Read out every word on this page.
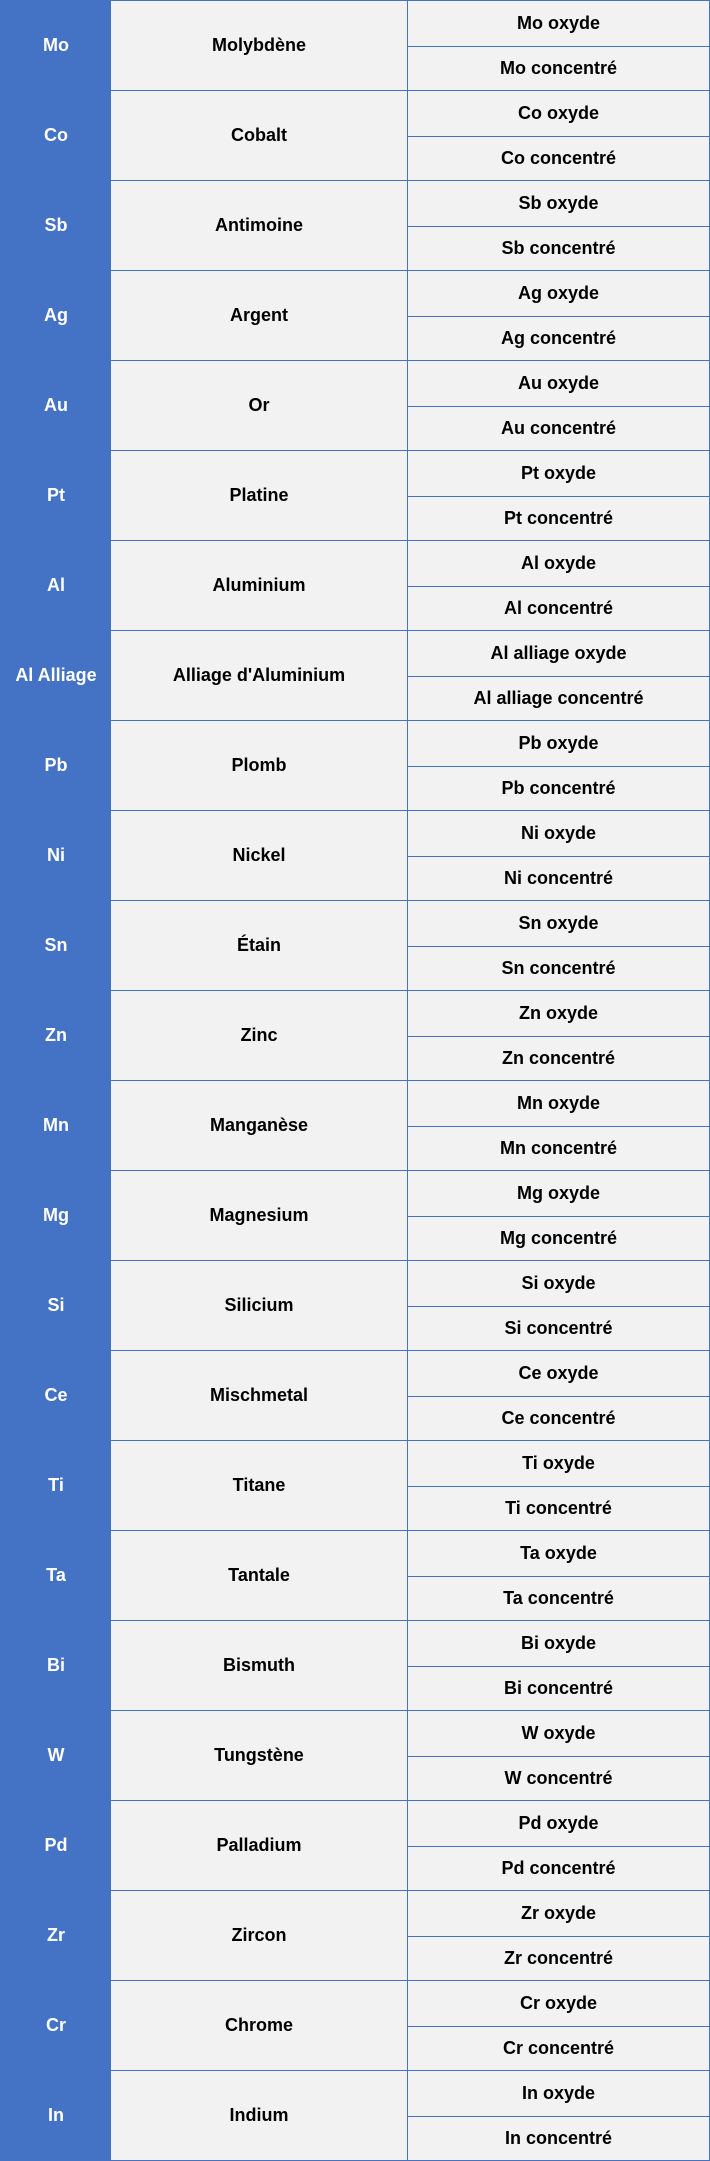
Mo	Molybdène
Mo oxyde
Mo concentré
Co	Cobalt
Co oxyde
Co concentré
Sb	Antimoine
Sb oxyde
Sb concentré
Ag	Argent
Ag oxyde
Ag concentré
Au	Or
Au oxyde
Au concentré
Pt	Platine
Pt oxyde
Pt concentré
Al	Aluminium
Al oxyde
Al concentré
Al Alliage	Alliage d'Aluminium
Al alliage oxyde
Al alliage concentré
Pb	Plomb
Pb oxyde
Pb concentré
Ni	Nickel
Ni oxyde
Ni concentré
Sn	Étain
Sn oxyde
Sn concentré
Zn	Zinc
Zn oxyde
Zn concentré
Mn	Manganèse
Mn oxyde
Mn concentré
Mg	Magnesium
Mg oxyde
Mg concentré
Si	Silicium
Si oxyde
Si concentré
Ce	Mischmetal
Ce oxyde
Ce concentré
Ti	Titane
Ti oxyde
Ti concentré
Ta	Tantale
Ta oxyde
Ta concentré
Bi	Bismuth
Bi oxyde
Bi concentré
W	Tungstène
W oxyde
W concentré
Pd	Palladium
Pd oxyde
Pd concentré
Zr	Zircon
Zr oxyde
Zr concentré
Cr	Chrome
Cr oxyde
Cr concentré
In	Indium
In oxyde
In concentré
